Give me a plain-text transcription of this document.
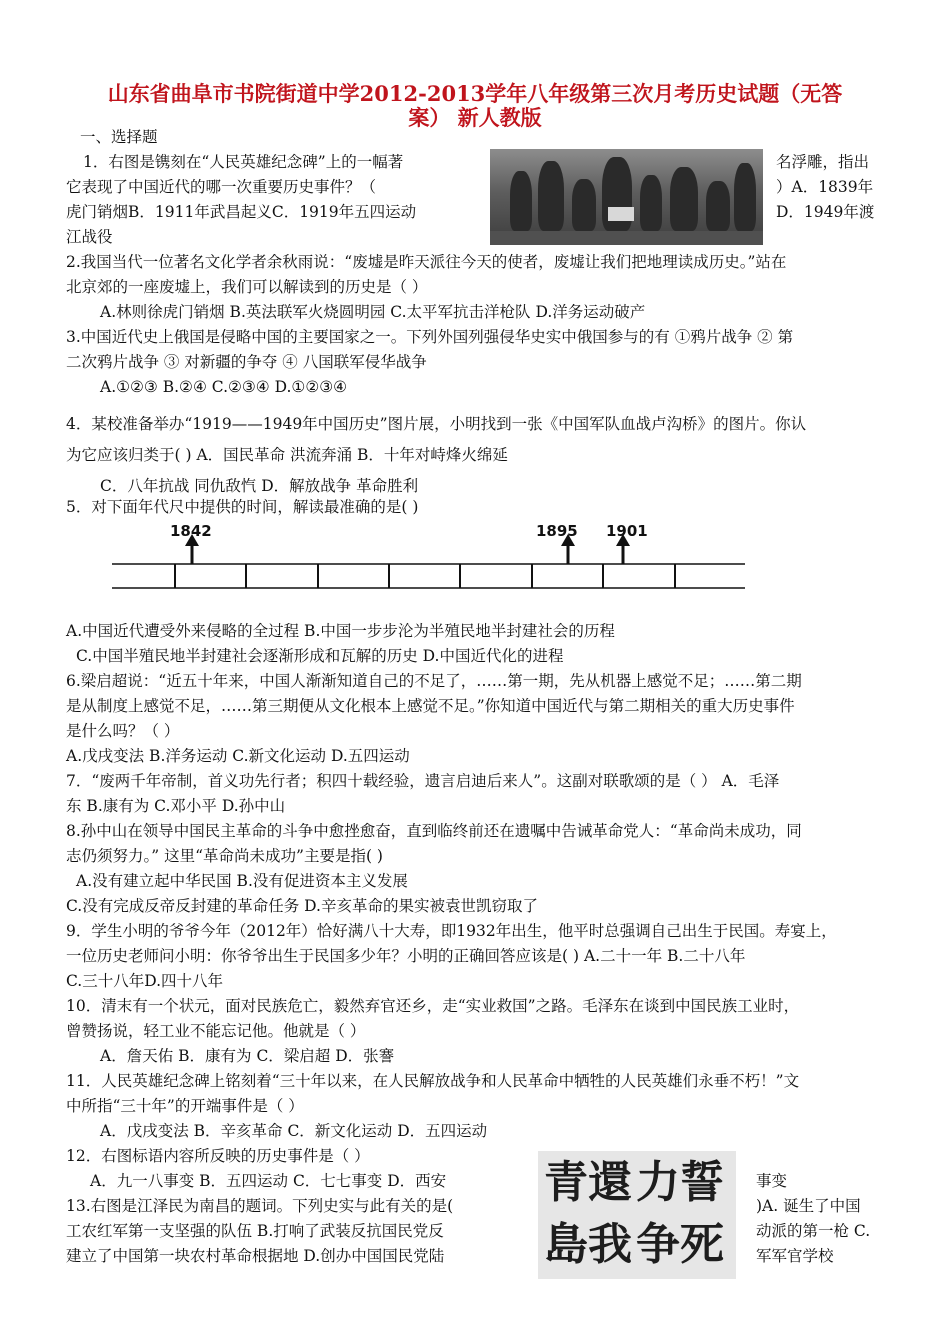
山东省曲阜市书院街道中学2012-2013学年八年级第三次月考历史试题（无答
案） 新人教版
一、选择题
1．右图是镌刻在“人民英雄纪念碑”上的一幅著	名浮雕，指出
它表现了中国近代的哪一次重要历史事件？（	）A．1839年
虎门销烟B．1911年武昌起义C．1919年五四运动	D．1949年渡
江战役
2.我国当代一位著名文化学者余秋雨说：“废墟是昨天派往今天的使者，废墟让我们把地理读成历史。”站在
北京郊的一座废墟上，我们可以解读到的历史是（ ）
A.林则徐虎门销烟 B.英法联军火烧圆明园 C.太平军抗击洋枪队 D.洋务运动破产
3.中国近代史上俄国是侵略中国的主要国家之一。下列外国列强侵华史实中俄国参与的有 ①鸦片战争 ② 第
二次鸦片战争 ③ 对新疆的争夺 ④ 八国联军侵华战争
A.①②③ B.②④ C.②③④ D.①②③④
4．某校准备举办“1919——1949年中国历史”图片展，小明找到一张《中国军队血战卢沟桥》的图片。你认
为它应该归类于( ) A．国民革命 洪流奔涌 B．十年对峙烽火绵延
C．八年抗战 同仇敌忾 D．解放战争 革命胜利
5．对下面年代尺中提供的时间，解读最准确的是( )
1842	1895 1901
A.中国近代遭受外来侵略的全过程 B.中国一步步沦为半殖民地半封建社会的历程
C.中国半殖民地半封建社会逐渐形成和瓦解的历史 D.中国近代化的进程
6.梁启超说：“近五十年来，中国人渐渐知道自己的不足了，……第一期，先从机器上感觉不足；……第二期
是从制度上感觉不足，……第三期便从文化根本上感觉不足。”你知道中国近代与第二期相关的重大历史事件
是什么吗？（ ）
A.戊戌变法 B.洋务运动 C.新文化运动 D.五四运动
7．“废两千年帝制，首义功先行者；积四十载经验，遗言启迪后来人”。这副对联歌颂的是（ ） A．毛泽
东 B.康有为 C.邓小平 D.孙中山
8.孙中山在领导中国民主革命的斗争中愈挫愈奋，直到临终前还在遗嘱中告诫革命党人：“革命尚未成功，同
志仍须努力。” 这里“革命尚未成功”主要是指( )
A.没有建立起中华民国 B.没有促进资本主义发展
C.没有完成反帝反封建的革命任务 D.辛亥革命的果实被袁世凯窃取了
9．学生小明的爷爷今年（2012年）恰好满八十大寿，即1932年出生，他平时总强调自己出生于民国。寿宴上，
一位历史老师问小明：你爷爷出生于民国多少年？小明的正确回答应该是( ) A.二十一年 B.二十八年
C.三十八年D.四十八年
10．清末有一个状元，面对民族危亡，毅然弃官还乡，走“实业救国”之路。毛泽东在谈到中国民族工业时，
曾赞扬说，轻工业不能忘记他。他就是（ ）
A．詹天佑 B．康有为 C．梁启超 D．张謇
11．人民英雄纪念碑上铭刻着“三十年以来，在人民解放战争和人民革命中牺牲的人民英雄们永垂不朽！”文
中所指“三十年”的开端事件是（ ）
A．戊戌变法 B．辛亥革命 C．新文化运动 D．五四运动
12．右图标语内容所反映的历史事件是（ ）
A．九一八事变 B．五四运动 C．七七事变 D．西安	事变
13.右图是江泽民为南昌的题词。下列史实与此有关的是(	)A. 诞生了中国
工农红军第一支坚强的队伍 B.打响了武装反抗国民党反	动派的第一枪 C.
建立了中国第一块农村革命根据地 D.创办中国国民党陆	军军官学校
誓
死
力
争
還
我
青
島
